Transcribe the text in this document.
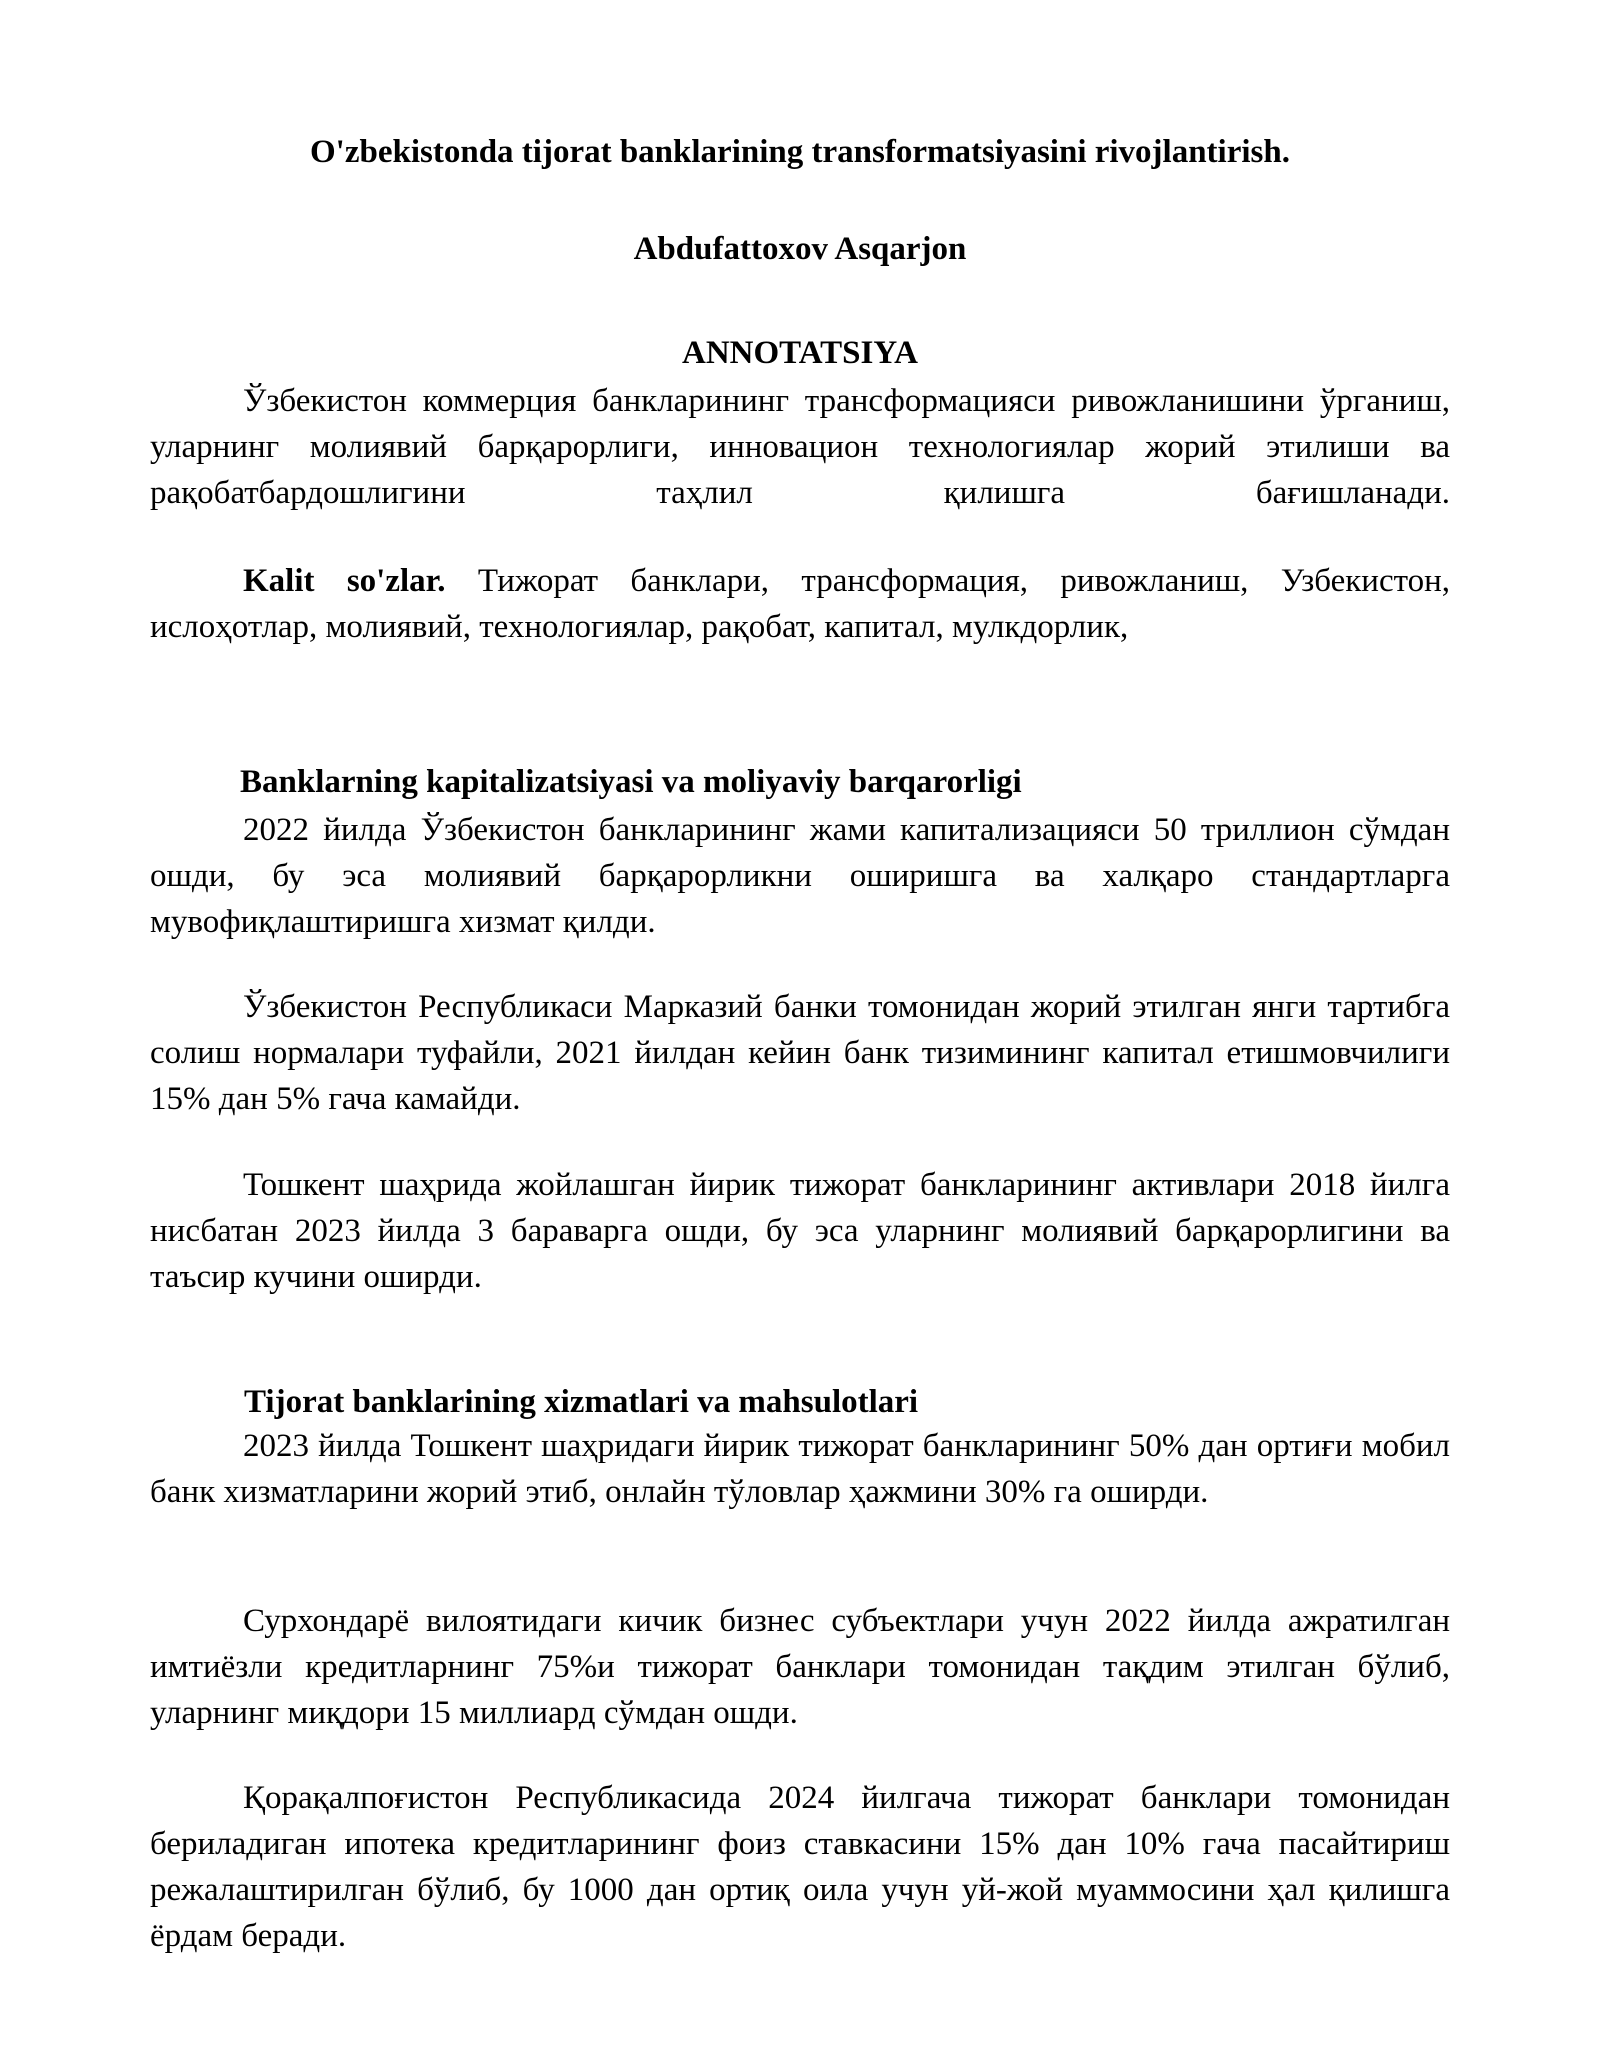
O'zbekistonda tijorat banklarining transformatsiyasini rivojlantirish.

Abdufattoxov Asqarjon

ANNOTATSIYA

Ўзбекистон коммерция банкларининг трансформацияси ривожланишини ўрганиш, уларнинг молиявий барқарорлиги, инновацион технологиялар жорий этилиши ва рақобатбардошлигини таҳлил қилишга бағишланади.

Kalit so'zlar. Тижорат банклари, трансформация, ривожланиш, Узбекистон, ислоҳотлар, молиявий, технологиялар, рақобат, капитал, мулкдорлик,

Banklarning kapitalizatsiyasi va moliyaviy barqarorligi

2022 йилда Ўзбекистон банкларининг жами капитализацияси 50 триллион сўмдан ошди, бу эса молиявий барқарорликни оширишга ва халқаро стандартларга мувофиқлаштиришга хизмат қилди.

Ўзбекистон Республикаси Марказий банки томонидан жорий этилган янги тартибга солиш нормалари туфайли, 2021 йилдан кейин банк тизимининг капитал етишмовчилиги 15% дан 5% гача камайди.

Тошкент шаҳрида жойлашган йирик тижорат банкларининг активлари 2018 йилга нисбатан 2023 йилда 3 бараварга ошди, бу эса уларнинг молиявий барқарорлигини ва таъсир кучини оширди.

Tijorat banklarining xizmatlari va mahsulotlari

2023 йилда Тошкент шаҳридаги йирик тижорат банкларининг 50% дан ортиғи мобил банк хизматларини жорий этиб, онлайн тўловлар ҳажмини 30% га оширди.

Сурхондарё вилоятидаги кичик бизнес субъектлари учун 2022 йилда ажратилган имтиёзли кредитларнинг 75%и тижорат банклари томонидан тақдим этилган бўлиб, уларнинг миқдори 15 миллиард сўмдан ошди.

Қорақалпоғистон Республикасида 2024 йилгача тижорат банклари томонидан бериладиган ипотека кредитларининг фоиз ставкасини 15% дан 10% гача пасайтириш режалаштирилган бўлиб, бу 1000 дан ортиқ оила учун уй-жой муаммосини ҳал қилишга ёрдам беради.
